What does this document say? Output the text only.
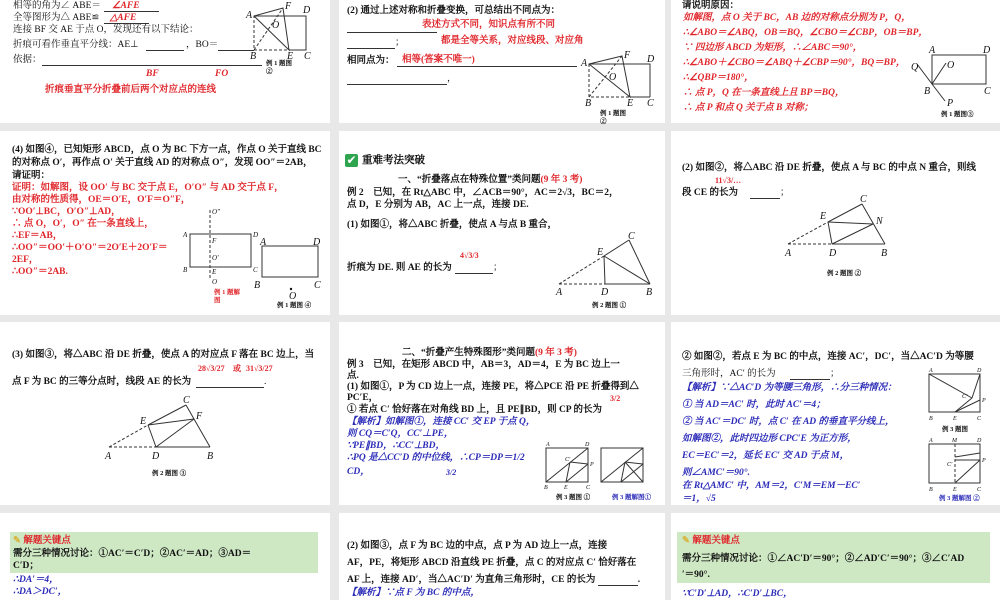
相等的角为∠ ABE＝ ∠AFE
全等图形为△ ABE≌ △AFE
连接 BF 交 AE 于点 O，发现还有以下结论：
折痕可看作垂直平分线：AE⊥	，BO＝
依据：
BF	FO
折痕垂直平分折叠前后两个对应点的连线
例 1 题图 ②
(2) 通过上述对称和折叠变换，可总结出不同点为：
表述方式不同，知识点有所不同
；	都是全等关系，对应线段、对应角
相同点为： 相等(答案不唯一)
，
例 1 题图 ②
请说明原因：
如解图，点 O 关于 BC，AB 边的对称点分别为 P，Q，
∴∠ABO＝∠ABQ，OB＝BQ，∠CBO＝∠CBP，OB＝BP，
∵ 四边形 ABCD 为矩形，∴∠ABC＝90°，
∴∠ABO＋∠CBO＝∠ABQ＋∠CBP＝90°，BQ＝BP，
∴∠QBP＝180°，
∴ 点 P，Q 在一条直线上且 BP＝BQ，
∴ 点 P 和点 Q 关于点 B 对称；
例 1 题图③
(4) 如图④，已知矩形 ABCD，点 O 为 BC 下方一点，作点 O 关于直线 BC
的对称点 O′，再作点 O′ 关于直线 AD 的对称点 O″，发现 OO″＝2AB，
请证明：
证明：如解图，设 OO′ 与 BC 交于点 E，O′O″ 与 AD 交于点 F，
由对称的性质得，OE＝O′E，O′F＝O″F，
∵OO′⊥BC，O′O″⊥AD，
∴ 点 O，O′，O″ 在一条直线上，
∴EF＝AB，
∴OO″＝OO′＋O′O″＝2O′E＋2O′F＝
2EF，
∴OO″＝2AB.
例 1 题解图
例 1 题图 ④
✔ 重难考法突破
一、“折叠落点在特殊位置”类问题(9 年 3 考)
例 2　已知，在 Rt△ABC 中，∠ACB＝90°，AC＝2√3，BC＝2，
点 D，E 分别为 AB，AC 上一点，连接 DE.
(1) 如图①，将△ABC 折叠，使点 A 与点 B 重合，
折痕为 DE. 则 AE 的长为	；
4√3/3
例 2 题图 ①
(2) 如图②，将△ABC 沿 DE 折叠，使点 A 与 BC 的中点 N 重合，则线
11√3/…
段 CE 的长为	；
例 2 题图 ②
(3) 如图③，将△ABC 沿 DE 折叠，使点 A 的对应点 F 落在 BC 边上，当
28√3/27 或 31√3/27
点 F 为 BC 的三等分点时，线段 AE 的长为	.
例 2 题图 ③
二、“折叠产生特殊图形”类问题(9 年 3 考)
例 3　已知，在矩形 ABCD 中，AB＝3，AD＝4，E 为 BC 边上一
点.
(1) 如图①，P 为 CD 边上一点，连接 PE，将△PCE 沿 PE 折叠得到△
PC′E，	3/2
① 若点 C′ 恰好落在对角线 BD 上，且 PE∥BD，则 CP 的长为
【解析】如解图①，连接 CC′ 交 EP 于点 Q，
则 CQ＝C′Q，CC′⊥PE，
∵PE∥BD，∴CC′⊥BD，
∴PQ 是△CC′D 的中位线，∴CP＝DP＝1/2
CD，	3/2
例 3 题图 ①	例 3 题解图①
② 如图②，若点 E 为 BC 的中点，连接 AC′，DC′，当△AC′D 为等腰
三角形时，AC′ 的长为	；
【解析】∵△AC′D 为等腰三角形，∴分三种情况：
① 当 AD＝AC′ 时，此时 AC′＝4；
② 当 AC′＝DC′ 时，点 C′ 在 AD 的垂直平分线上，
如解图②，此时四边形 CPC′E 为正方形，
EC＝EC′＝2，延长 EC′ 交 AD 于点 M，
则∠AMC′＝90°.
在 Rt△AMC′ 中，AM＝2，C′M＝EM－EC′
＝1，√5
例 3 题图
例 3 题解图 ②
✎ 解题关键点
需分三种情况讨论：①AC′＝C′D；②AC′＝AD；③AD＝
C′D；
∴DA′＝4，
∴DA＞DC′，
(2) 如图③，点 F 为 BC 边的中点，点 P 为 AD 边上一点，连接
AF，PE，将矩形 ABCD 沿直线 PE 折叠，点 C 的对应点 C′ 恰好落在
AF 上，连接 AD′，当△AC′D′ 为直角三角形时，CE 的长为	.
【解析】∵点 F 为 BC 的中点，
✎ 解题关键点
需分三种情况讨论：①∠AC′D′＝90°；②∠AD′C′＝90°；③∠C′AD
′＝90°.
∵C′D′⊥AD，∴C′D′⊥BC，
A
F D
O
B	E C
A
F D
O
B	E C
A	D
Q	O
B	C
P
O″
A	D
F
O′
B	E	C
O
A	D
B	C
O
C
E
A	D	B
C
E	N
A	D	B
C
E	F
A	D	B
A	D
C′
P
B	E	C
A	D
C′
P
B	E	C
A	M	D
C′
P
B	E	C
